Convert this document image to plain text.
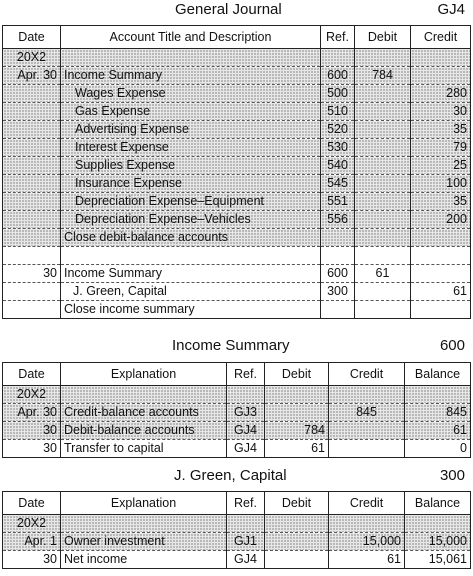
General Journal	GJ4
Date	Account Title and Description	Ref.	Debit	Credit
20X2				
Apr. 30	Income Summary	600	784	
	Wages Expense	500		280
	Gas Expense	510		30
	Advertising Expense	520		35
	Interest Expense	530		79
	Supplies Expense	540		25
	Insurance Expense	545		100
	Depreciation Expense–Equipment	551		35
	Depreciation Expense–Vehicles	556		200
	Close debit-balance accounts			

30	Income Summary	600	61	
	J. Green, Capital	300		61
	Close income summary			
Income Summary	600
Date	Explanation	Ref.	Debit	Credit	Balance
20X2					
Apr. 30	Credit-balance accounts	GJ3		845	845
30	Debit-balance accounts	GJ4	784		61
30	Transfer to capital	GJ4	61		0
J. Green, Capital	300
Date	Explanation	Ref.	Debit	Credit	Balance
20X2					
Apr. 1	Owner investment	GJ1		15,000	15,000
30	Net income	GJ4		61	15,061
